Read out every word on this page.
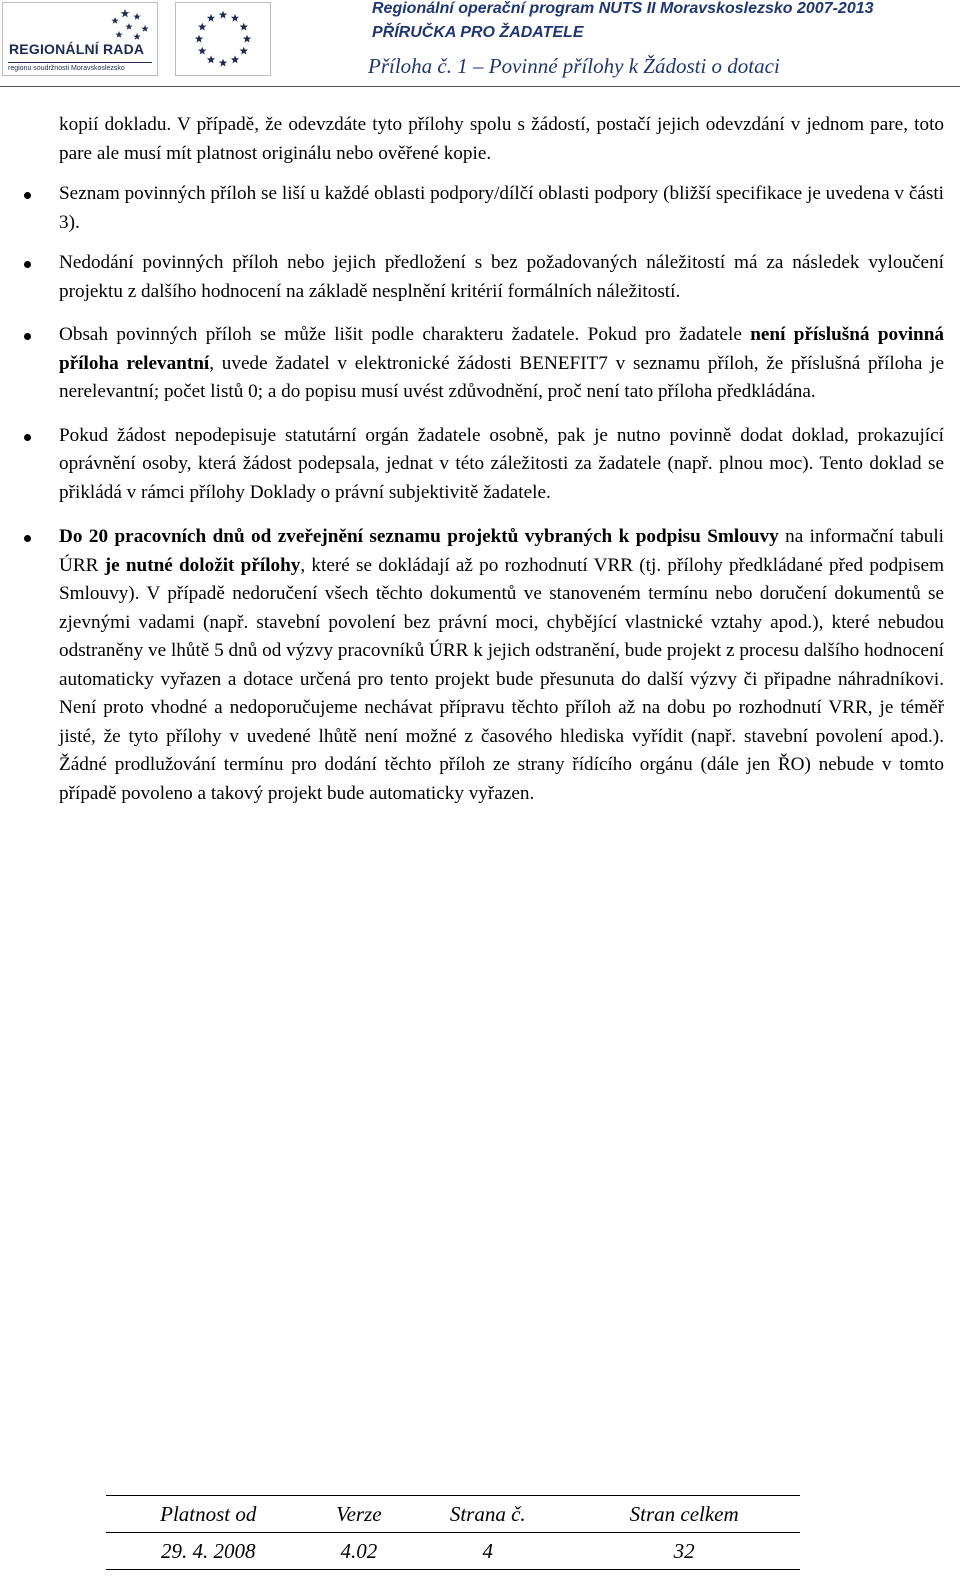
REGIONÁLNÍ RADA
regionu soudržnosti Moravskoslezsko
Regionální operační program NUTS II Moravskoslezsko 2007-2013
PŘÍRUČKA PRO ŽADATELE
Příloha č. 1 – Povinné přílohy k Žádosti o dotaci

kopií dokladu. V případě, že odevzdáte tyto přílohy spolu s žádostí, postačí jejich odevzdání v jednom pare, toto pare ale musí mít platnost originálu nebo ověřené kopie.

Seznam povinných příloh se liší u každé oblasti podpory/dílčí oblasti podpory (bližší specifikace je uvedena v části 3).
Nedodání povinných příloh nebo jejich předložení s bez požadovaných náležitostí má za následek vyloučení projektu z dalšího hodnocení na základě nesplnění kritérií formálních náležitostí.
Obsah povinných příloh se může lišit podle charakteru žadatele. Pokud pro žadatele není příslušná povinná příloha relevantní, uvede žadatel v elektronické žádosti BENEFIT7 v seznamu příloh, že příslušná příloha je nerelevantní; počet listů 0; a do popisu musí uvést zdůvodnění, proč není tato příloha předkládána.
Pokud žádost nepodepisuje statutární orgán žadatele osobně, pak je nutno povinně dodat doklad, prokazující oprávnění osoby, která žádost podepsala, jednat v této záležitosti za žadatele (např. plnou moc). Tento doklad se přikládá v rámci přílohy Doklady o právní subjektivitě žadatele.
Do 20 pracovních dnů od zveřejnění seznamu projektů vybraných k podpisu Smlouvy na informační tabuli ÚRR je nutné doložit přílohy, které se dokládají až po rozhodnutí VRR (tj. přílohy předkládané před podpisem Smlouvy). V případě nedoručení všech těchto dokumentů ve stanoveném termínu nebo doručení dokumentů se zjevnými vadami (např. stavební povolení bez právní moci, chybějící vlastnické vztahy apod.), které nebudou odstraněny ve lhůtě 5 dnů od výzvy pracovníků ÚRR k jejich odstranění, bude projekt z procesu dalšího hodnocení automaticky vyřazen a dotace určená pro tento projekt bude přesunuta do další výzvy či připadne náhradníkovi. Není proto vhodné a nedoporučujeme nechávat přípravu těchto příloh až na dobu po rozhodnutí VRR, je téměř jisté, že tyto přílohy v uvedené lhůtě není možné z časového hlediska vyřídit (např. stavební povolení apod.). Žádné prodlužování termínu pro dodání těchto příloh ze strany řídícího orgánu (dále jen ŘO) nebude v tomto případě povoleno a takový projekt bude automaticky vyřazen.
Platnost od	Verze	Strana č.	Stran celkem
29. 4. 2008	4.02	4	32
